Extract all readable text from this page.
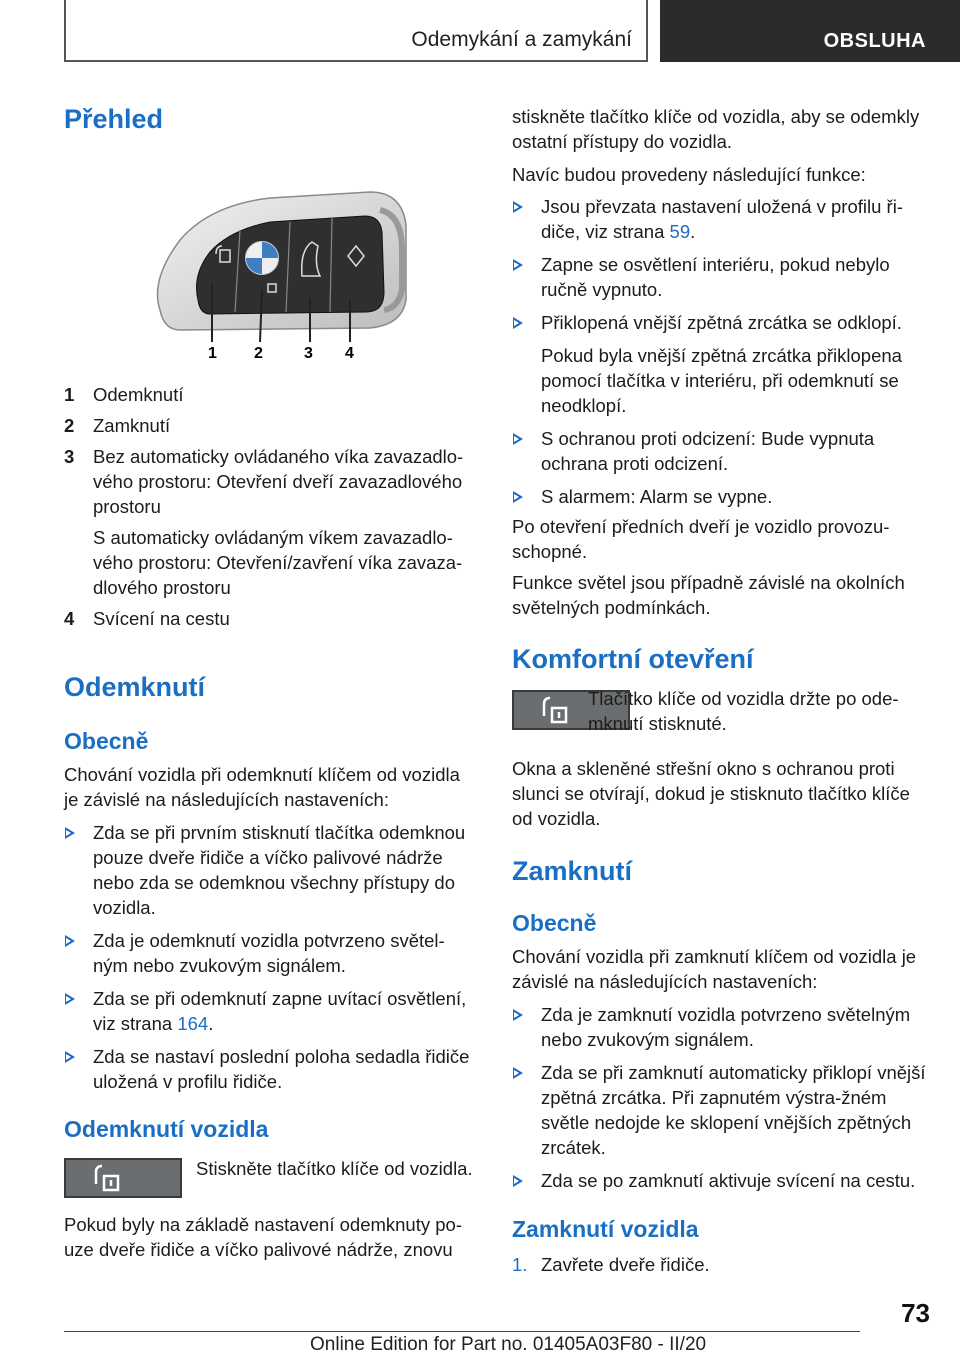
Odemykání a zamykání	OBSLUHA
Přehled
1 2	3 4

1 Odemknutí

2 Zamknutí

3 Bez automaticky ovládaného víka zavazadlo-vého prostoru: Otevření dveří zavazadlového prostoru

S automaticky ovládaným víkem zavazadlo-vého prostoru: Otevření/zavření víka zavaza-dlového prostoru

4 Svícení na cestu

Odemknutí
Obecně

Chování vozidla při odemknutí klíčem od vozidla je závislé na následujících nastaveních:

Zda se při prvním stisknutí tlačítka odemknou pouze dveře řidiče a víčko palivové nádrže nebo zda se odemknou všechny přístupy do vozidla.

Zda je odemknutí vozidla potvrzeno světel-ným nebo zvukovým signálem.

Zda se při odemknutí zapne uvítací osvětlení, viz strana 164.

Zda se nastaví poslední poloha sedadla řidiče uložená v profilu řidiče.

Odemknutí vozidla

Stiskněte tlačítko klíče od vozidla.

Pokud byly na základě nastavení odemknuty po-uze dveře řidiče a víčko palivové nádrže, znovu

stiskněte tlačítko klíče od vozidla, aby se odemkly ostatní přístupy do vozidla.

Navíc budou provedeny následující funkce:

Jsou převzata nastavení uložená v profilu ři-diče, viz strana 59.

Zapne se osvětlení interiéru, pokud nebylo ručně vypnuto.

Přiklopená vnější zpětná zrcátka se odklopí.

Pokud byla vnější zpětná zrcátka přiklopena pomocí tlačítka v interiéru, při odemknutí se neodklopí.

S ochranou proti odcizení: Bude vypnuta ochrana proti odcizení.

S alarmem: Alarm se vypne.

Po otevření předních dveří je vozidlo provozu-schopné.

Funkce světel jsou případně závislé na okolních světelných podmínkách.

Komfortní otevření

Tlačítko klíče od vozidla držte po ode-mknutí stisknuté.

Okna a skleněné střešní okno s ochranou proti slunci se otvírají, dokud je stisknuto tlačítko klíče od vozidla.

Zamknutí
Obecně

Chování vozidla při zamknutí klíčem od vozidla je závislé na následujících nastaveních:

Zda je zamknutí vozidla potvrzeno světelným nebo zvukovým signálem.

Zda se při zamknutí automaticky přiklopí vnější zpětná zrcátka. Při zapnutém výstra-žném světle nedojde ke sklopení vnějších zpětných zrcátek.

Zda se po zamknutí aktivuje svícení na cestu.

Zamknutí vozidla

1. Zavřete dveře řidiče.

73
Online Edition for Part no. 01405A03F80 - II/20
